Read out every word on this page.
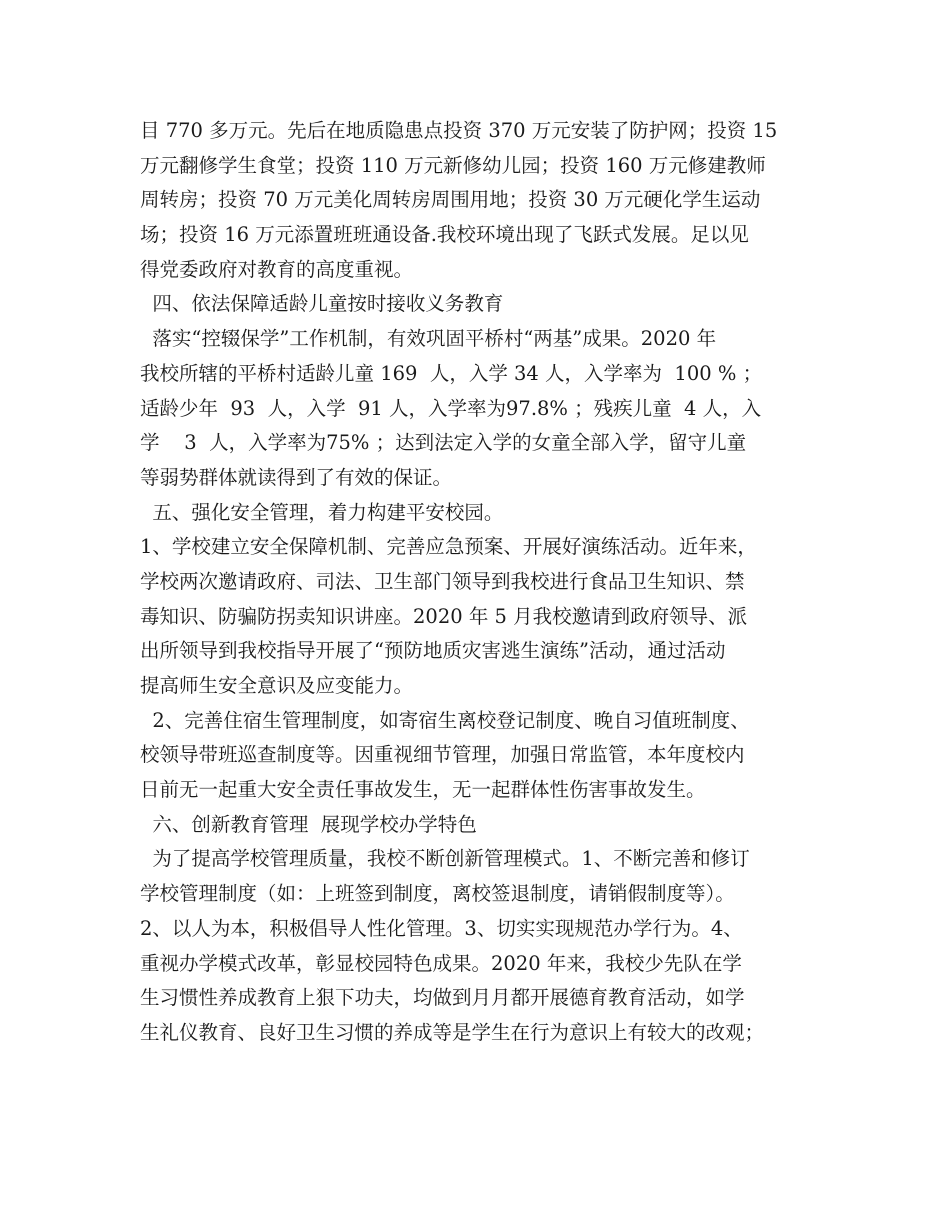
目 770 多万元。先后在地质隐患点投资 370 万元安装了防护网；投资 15
万元翻修学生食堂；投资 110 万元新修幼儿园；投资 160 万元修建教师
周转房；投资 70 万元美化周转房周围用地；投资 30 万元硬化学生运动
场；投资 16 万元添置班班通设备.我校环境出现了飞跃式发展。足以见
得党委政府对教育的高度重视。
四、依法保障适龄儿童按时接收义务教育
落实“控辍保学”工作机制，有效巩固平桥村“两基”成果。2020 年
我校所辖的平桥村适龄儿童 169  人，入学 34 人，入学率为  100 % ；
适龄少年  93  人，入学  91 人，入学率为97.8% ；残疾儿童  4 人，入
学    3  人，入学率为75% ；达到法定入学的女童全部入学，留守儿童
等弱势群体就读得到了有效的保证。
五、强化安全管理，着力构建平安校园。
1、学校建立安全保障机制、完善应急预案、开展好演练活动。近年来，
学校两次邀请政府、司法、卫生部门领导到我校进行食品卫生知识、禁
毒知识、防骗防拐卖知识讲座。2020 年 5 月我校邀请到政府领导、派
出所领导到我校指导开展了“预防地质灾害逃生演练”活动，通过活动
提高师生安全意识及应变能力。
2、完善住宿生管理制度，如寄宿生离校登记制度、晚自习值班制度、
校领导带班巡查制度等。因重视细节管理，加强日常监管，本年度校内
日前无一起重大安全责任事故发生，无一起群体性伤害事故发生。
六、创新教育管理  展现学校办学特色
为了提高学校管理质量，我校不断创新管理模式。1、不断完善和修订
学校管理制度（如：上班签到制度，离校签退制度，请销假制度等）。
2、以人为本，积极倡导人性化管理。3、切实实现规范办学行为。4、
重视办学模式改革，彰显校园特色成果。2020 年来，我校少先队在学
生习惯性养成教育上狠下功夫，均做到月月都开展德育教育活动，如学
生礼仪教育、良好卫生习惯的养成等是学生在行为意识上有较大的改观；
